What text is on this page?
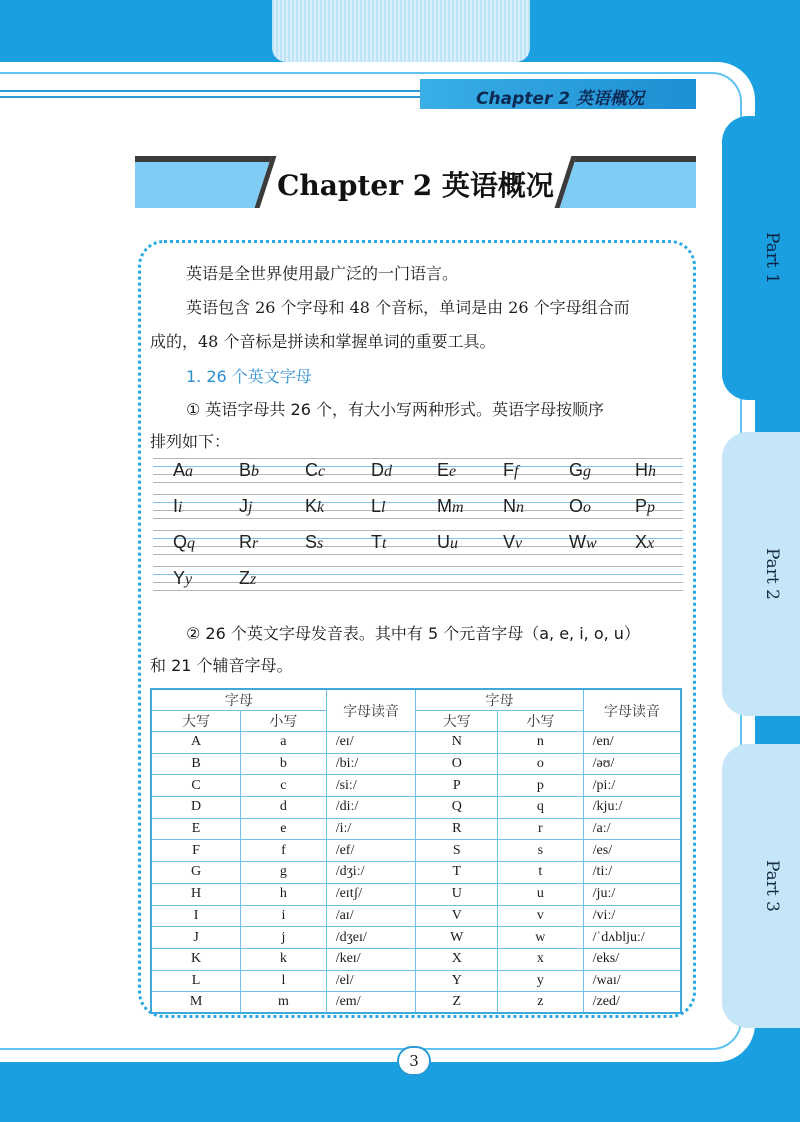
Chapter 2 英语概况
Part 1
Part 2
Part 3
Chapter 2 英语概况
英语是全世界使用最广泛的一门语言。
英语包含 26 个字母和 48 个音标，单词是由 26 个字母组合而
成的，48 个音标是拼读和掌握单词的重要工具。
1. 26 个英文字母
① 英语字母共 26 个，有大小写两种形式。英语字母按顺序
排列如下：
Aa	Bb	Cc	Dd	Ee	Ff	Gg	Hh
Ii	Jj	Kk	Ll	Mm	Nn	Oo	Pp
Qq	Rr	Ss	Tt	Uu	Vv	Ww	Xx
Yy	Zz
② 26 个英文字母发音表。其中有 5 个元音字母（a, e, i, o, u）
和 21 个辅音字母。
字母		字母读音	字母		字母读音
大写	小写		大写	小写	
A	a	/eɪ/	N	n	/en/
B	b	/biː/	O	o	/əʊ/
C	c	/siː/	P	p	/piː/
D	d	/diː/	Q	q	/kjuː/
E	e	/iː/	R	r	/aː/
F	f	/ef/	S	s	/es/
G	g	/dʒiː/	T	t	/tiː/
H	h	/eɪtʃ/	U	u	/juː/
I	i	/aɪ/	V	v	/viː/
J	j	/dʒeɪ/	W	w	/ˈdʌbljuː/
K	k	/keɪ/	X	x	/eks/
L	l	/el/	Y	y	/waɪ/
M	m	/em/	Z	z	/zed/
3
